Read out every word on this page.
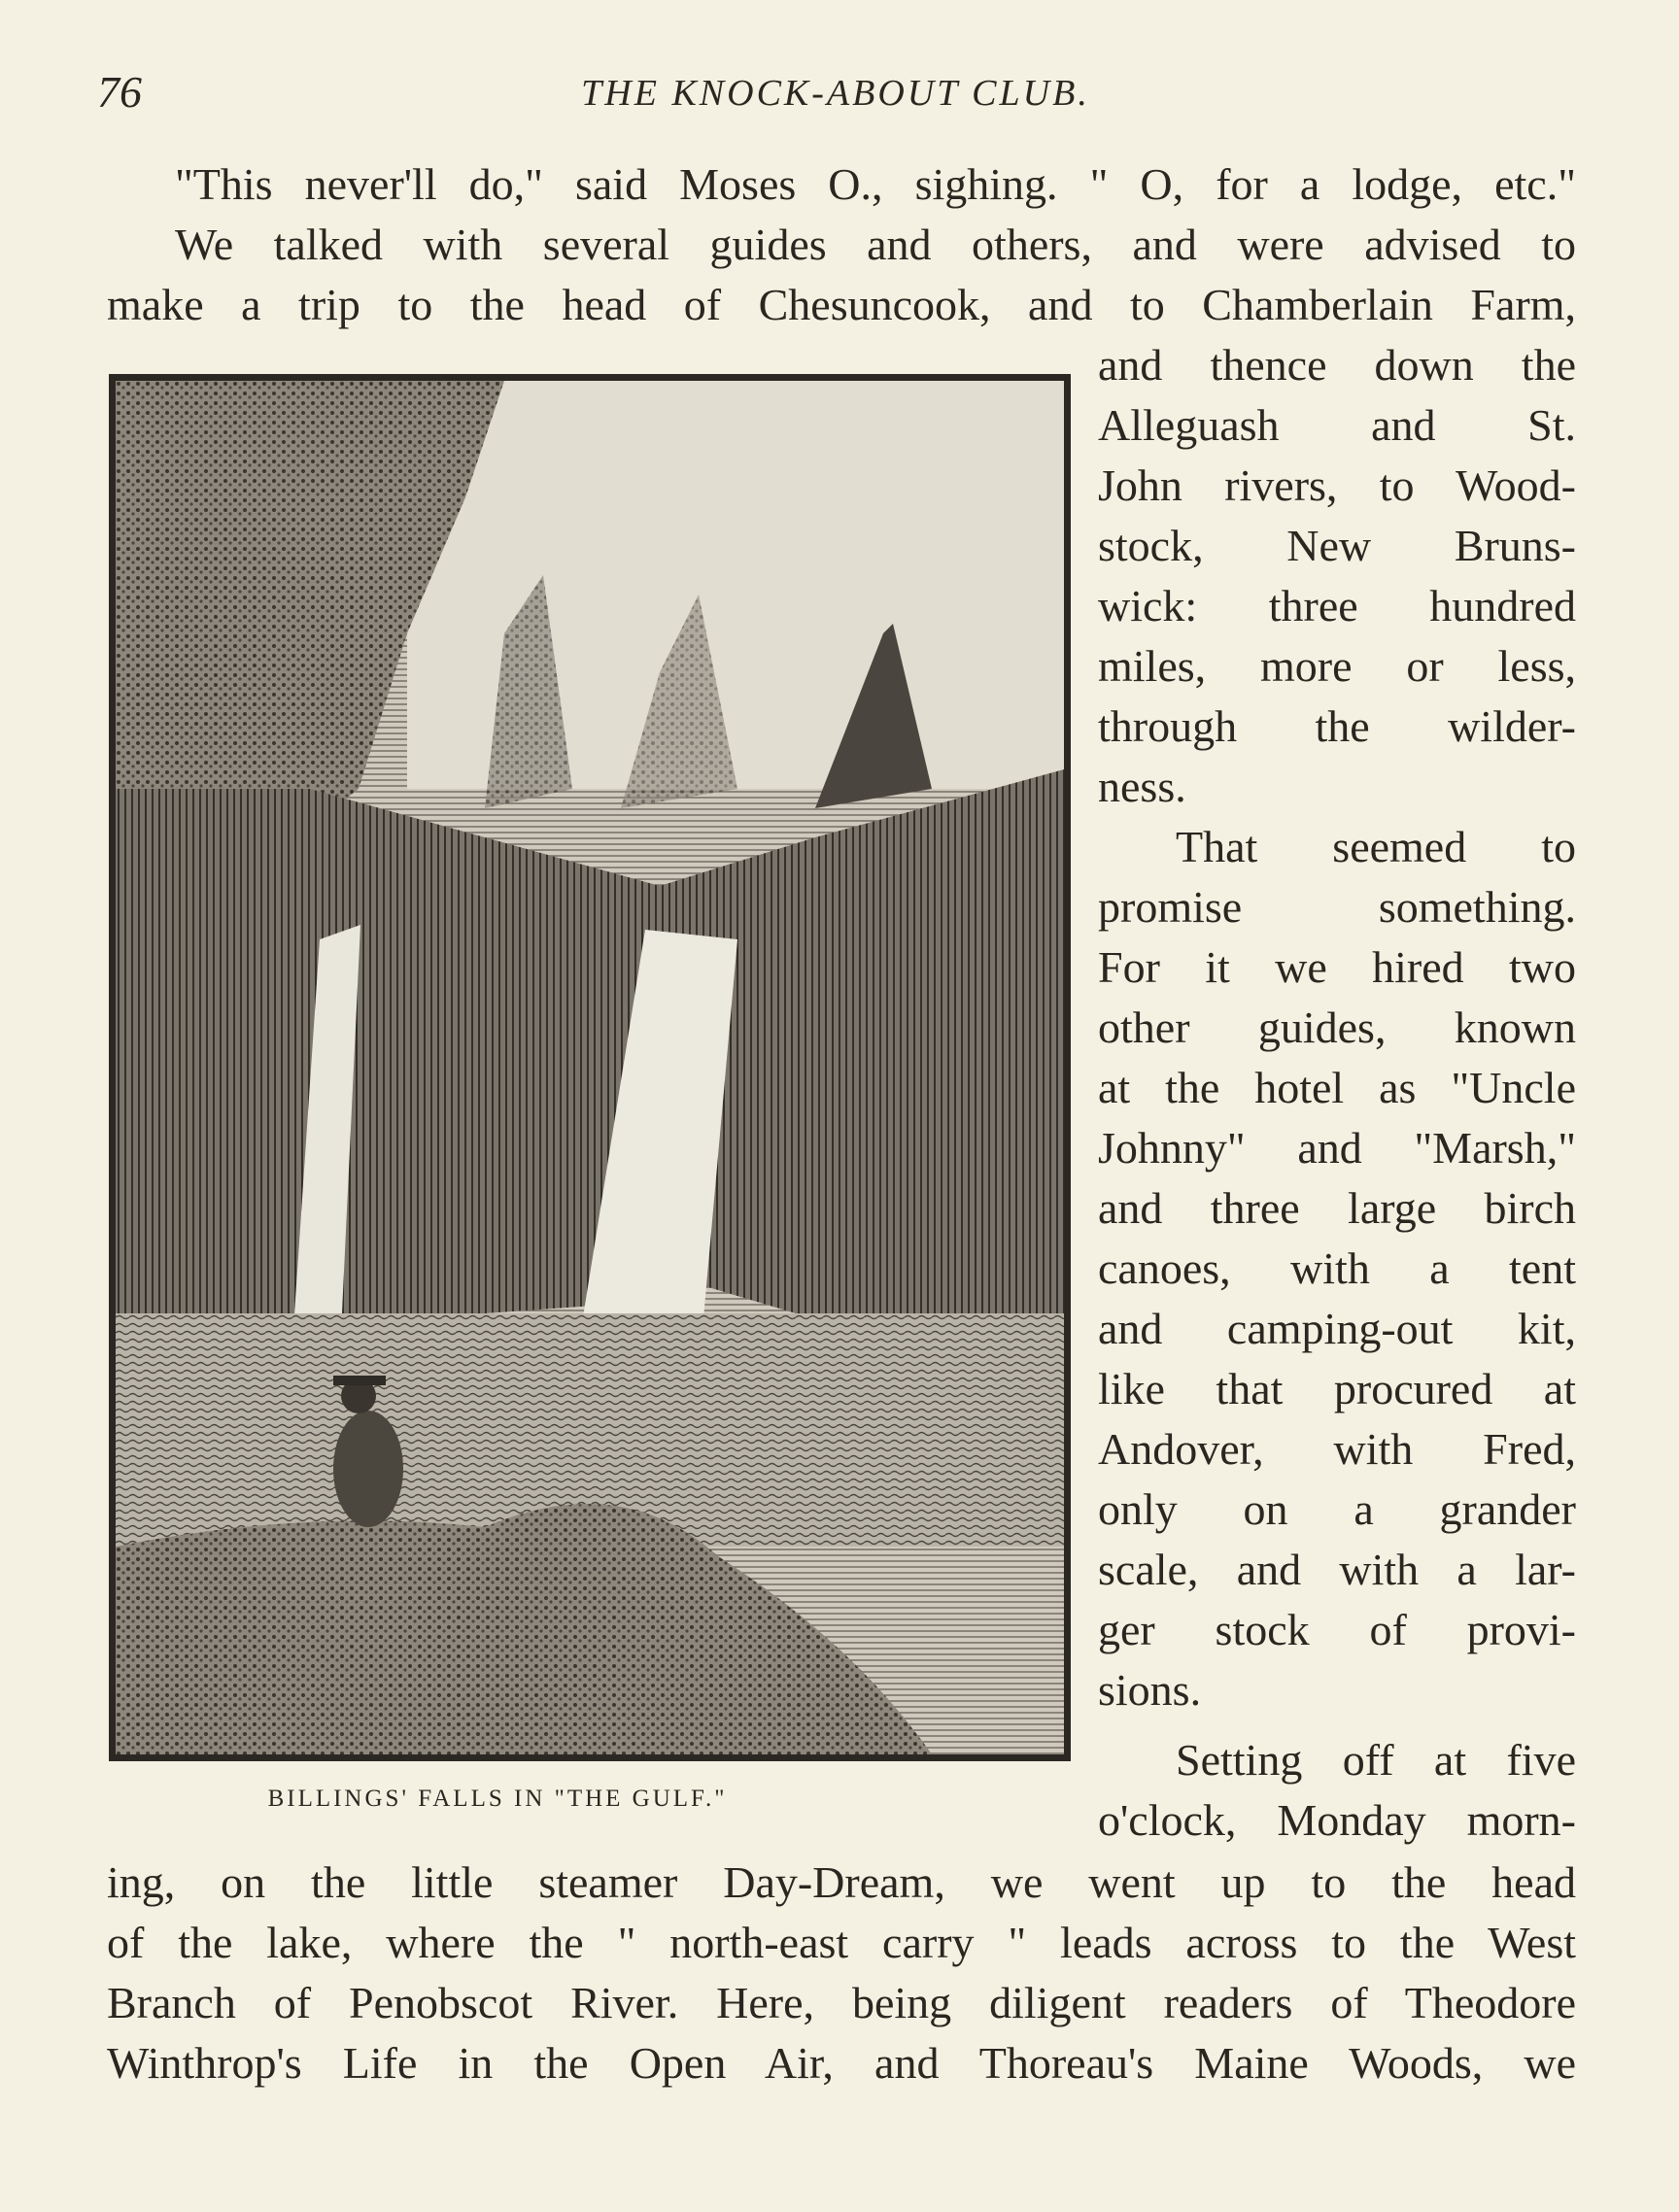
76	THE KNOCK-ABOUT CLUB.
"This never'll do," said Moses O., sighing. " O, for a lodge, etc."
We talked with several guides and others, and were advised to
make a trip to the head of Chesuncook, and to Chamberlain Farm,
BILLINGS' FALLS IN "THE GULF."
and thence down the
Alleguash and St.
John rivers, to Wood-
stock, New Bruns-
wick: three hundred
miles, more or less,
through the wilder-
ness.
That seemed to
promise something.
For it we hired two
other guides, known
at the hotel as "Uncle
Johnny" and "Marsh,"
and three large birch
canoes, with a tent
and camping-out kit,
like that procured at
Andover, with Fred,
only on a grander
scale, and with a lar-
ger stock of provi-
sions.
Setting off at five
o'clock, Monday morn-
ing, on the little steamer Day-Dream, we went up to the head
of the lake, where the " north-east carry " leads across to the West
Branch of Penobscot River. Here, being diligent readers of Theodore
Winthrop's Life in the Open Air, and Thoreau's Maine Woods, we
